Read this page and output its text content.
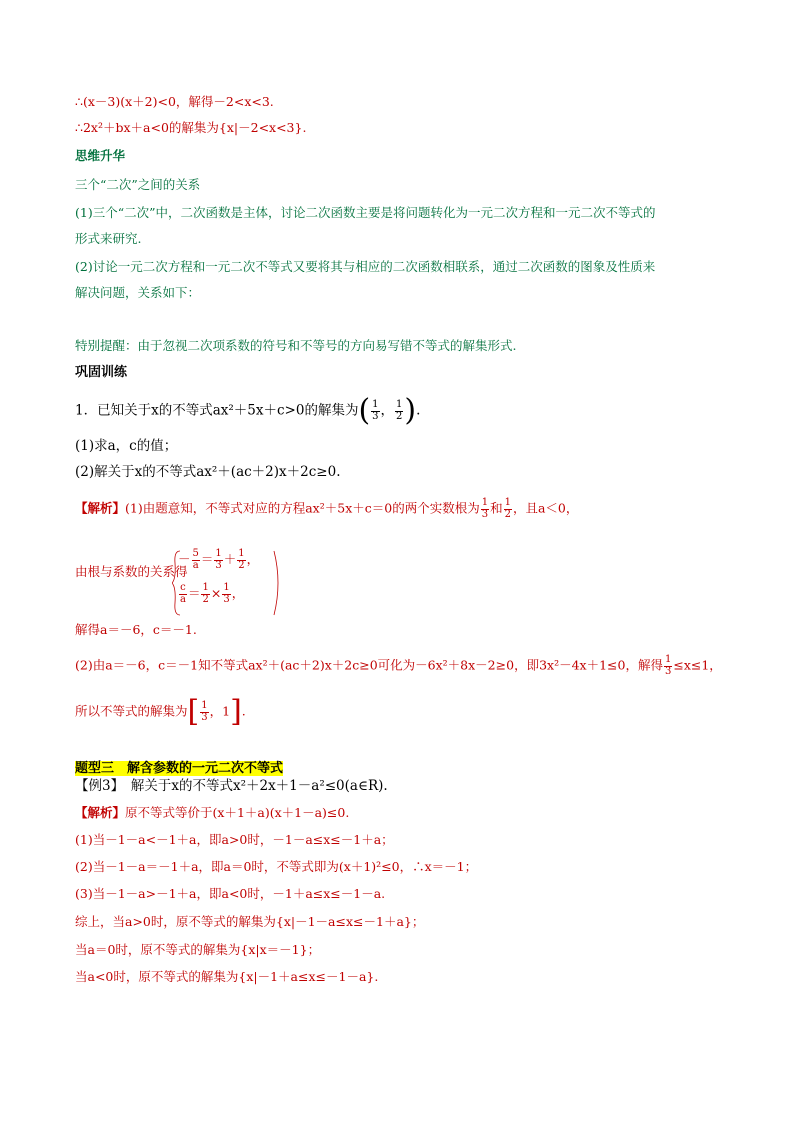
∴(x－3)(x＋2)<0，解得－2<x<3.
∴2x²＋bx＋a<0的解集为{x|－2<x<3}.
思维升华
三个“二次”之间的关系
(1)三个“二次”中，二次函数是主体，讨论二次函数主要是将问题转化为一元二次方程和一元二次不等式的
形式来研究.
(2)讨论一元二次方程和一元二次不等式又要将其与相应的二次函数相联系，通过二次函数的图象及性质来
解决问题，关系如下：
特别提醒：由于忽视二次项系数的符号和不等号的方向易写错不等式的解集形式.
巩固训练
1．已知关于x的不等式ax²＋5x＋c>0的解集为( $\frac{1}{3}$ ， $\frac{1}{2}$ ).
(1)求a，c的值；
(2)解关于x的不等式ax²＋(ac＋2)x＋2c≥0.
【解析】(1)由题意知，不等式对应的方程ax²＋5x＋c＝0的两个实数根为 $\frac{1}{3}$ 和 $\frac{1}{2}$ ，且a＜0，
由根与系数的关系得
－ $\frac{5}{a} = \frac{1}{3} + \frac{1}{2}$ ，
$\frac{c}{a} = \frac{1}{2} \times \frac{1}{3}$ ，
解得a＝－6，c＝－1.
(2)由a＝－6，c＝－1知不等式ax²＋(ac＋2)x＋2c≥0可化为－6x²＋8x－2≥0，即3x²－4x＋1≤0，解得 $\frac{1}{3} \le x\le 1$，
所以不等式的解集为[ $\frac{1}{3}$ ，1].
题型三　解含参数的一元二次不等式
【例3】　解关于x的不等式x²＋2x＋1－a²≤0(a∈R).
【解析】原不等式等价于(x＋1＋a)(x＋1－a)≤0.
(1)当－1－a<－1＋a，即a>0时，－1－a≤x≤－1＋a；
(2)当－1－a＝－1＋a，即a＝0时，不等式即为(x＋1)²≤0，∴x＝－1；
(3)当－1－a>－1＋a，即a<0时，－1＋a≤x≤－1－a.
综上，当a>0时，原不等式的解集为{x|－1－a≤x≤－1＋a}；
当a＝0时，原不等式的解集为{x|x＝－1}；
当a<0时，原不等式的解集为{x|－1＋a≤x≤－1－a}.
